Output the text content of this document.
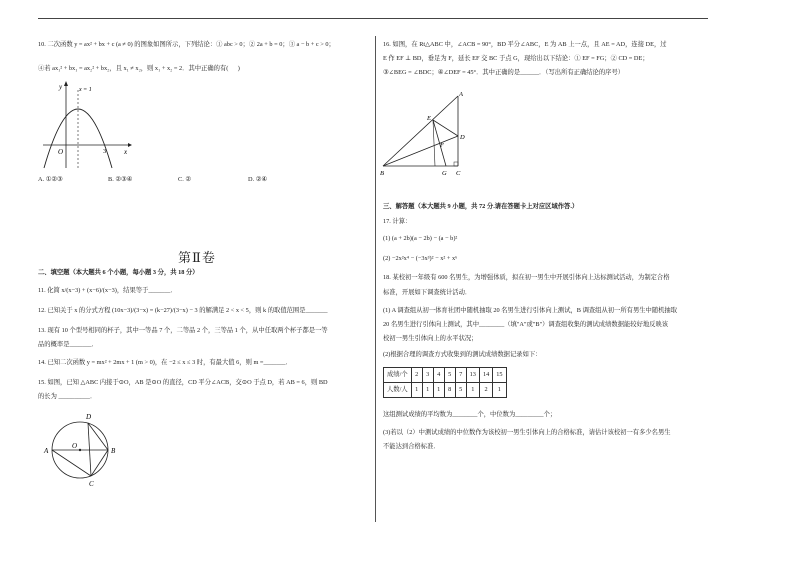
10. 二次函数 y = ax² + bx + c (a ≠ 0) 的图象如图所示，下列结论：① abc > 0；② 2a + b = 0；③ a − b + c > 0；
④若 ax₁² + bx₁ = ax₂² + bx₂，且 x₁ ≠ x₂，则 x₁ + x₂ = 2．其中正确的有(      )
y
x
O	3
x = 1
A. ①②③	B. ②③④	C. ②	D. ②④
第Ⅱ卷
二、填空题（本大题共 6 个小题，每小题 3 分，共 18 分）
11. 化简 x/(x−3) + (x−6)/(x−3)，结果等于_______．
12. 已知关于 x 的分式方程 (10x−3)/(3−x) = (k−27)/(3−x) − 3 的解满足 2 < x < 5，则 k 的取值范围是_______
13. 现有 10 个型号相同的杯子，其中一等品 7 个，二等品 2 个，三等品 1 个，从中任取两个杯子都是一等
品的概率是_______．
14. 已知二次函数 y = mx² + 2mx + 1 (m > 0)，在 −2 ≤ x ≤ 3 时，有最大值 6，则 m =_______．
15. 如图，已知 △ABC 内接于⊙O，AB 是⊙O 的直径，CD 平分∠ACB，交⊙O 于点 D，若 AB = 6，则 BD
的长为 __________．
D
O
A	B
C
16. 如图，在 Rt△ABC 中，∠ACB = 90°，BD 平分∠ABC，E 为 AB 上一点，且 AE = AD，连接 DE，过
E 作 EF ⊥ BD，垂足为 F，延长 EF 交 BC 于点 G，现给出以下结论：① EF = FG；② CD = DE；
③∠BEG = ∠BDC；④∠DEF = 45°．其中正确的是______．（写出所有正确结论的序号）
A
E
D
F
B	G C
三、解答题（本大题共 9 小题，共 72 分.请在答题卡上对应区域作答.）
17. 计算：
(1) (a + 2b)(a − 2b) − (a − b)²
(2) −2x²x⁴ − (−3x³)² − x² + x⁶
18. 某校初一年级有 600 名男生，为增强体质，拟在初一男生中开展引体向上达标测试活动，为制定合格
标准，开展如下调查统计活动．
(1) A 调查组从初一体育社团中随机抽取 20 名男生进行引体向上测试，B 调查组从初一所有男生中随机抽取
20 名男生进行引体向上测试，其中________（填"A"或"B"）调查组收集的测试成绩数据能较好地反映该
校初一男生引体向上的水平状况；
(2)根据合理的调查方式收集到的测试成绩数据记录如下：
成绩/个	2	3	4	5	7	13	14	15
人数/人	1	1	1	8	5	1	2	1
这组测试成绩的平均数为________个，中位数为_________个；
(3)若以（2）中测试成绩的中位数作为该校初一男生引体向上的合格标准，请估计该校初一有多少名男生
不能达到合格标准．
